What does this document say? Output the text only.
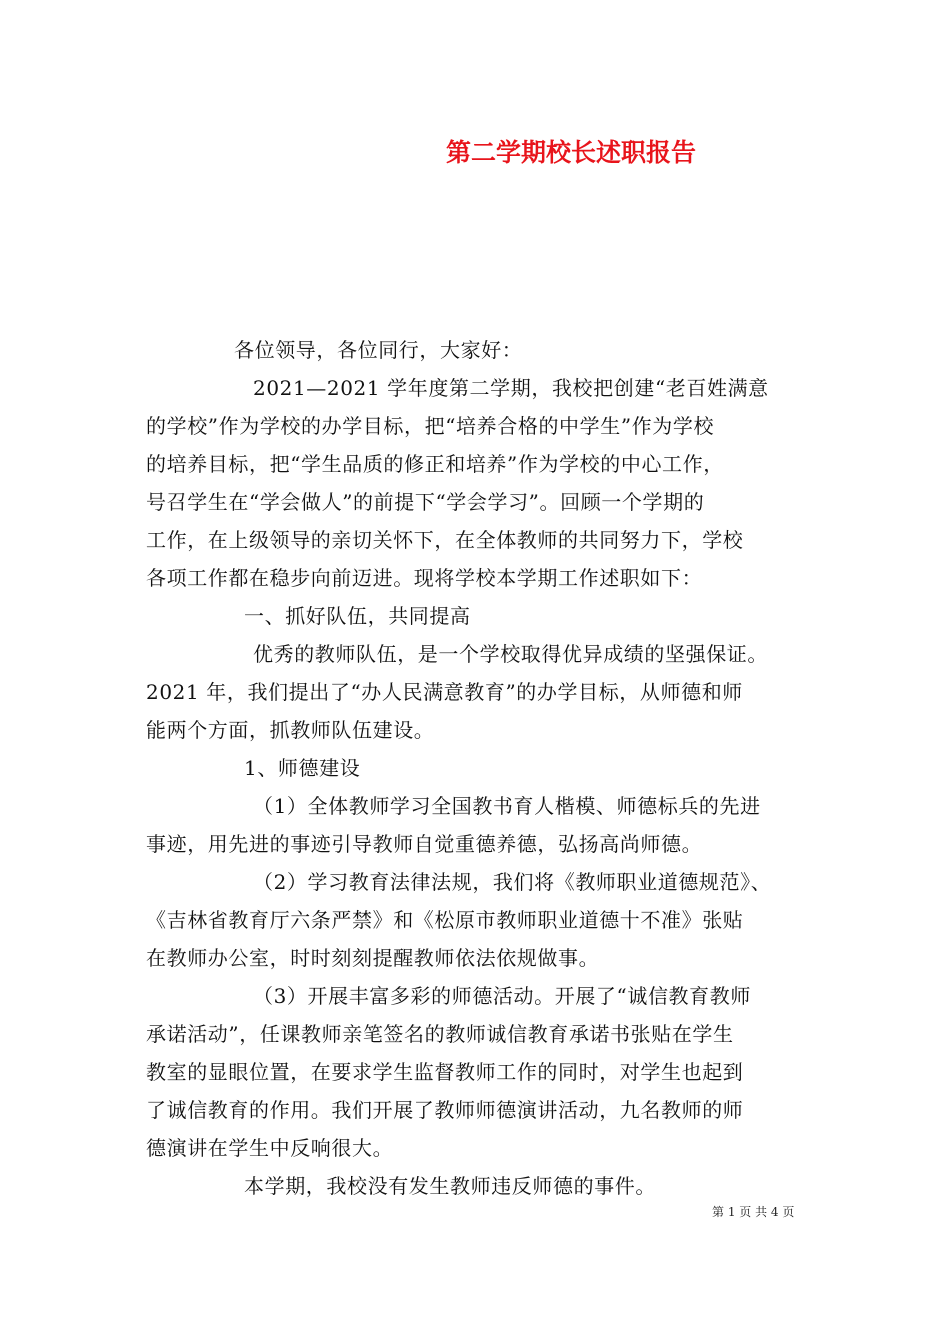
第二学期校长述职报告
各位领导，各位同行，大家好：
2021—2021 学年度第二学期，我校把创建“老百姓满意
的学校”作为学校的办学目标，把“培养合格的中学生”作为学校
的培养目标，把“学生品质的修正和培养”作为学校的中心工作，
号召学生在“学会做人”的前提下“学会学习”。回顾一个学期的
工作，在上级领导的亲切关怀下，在全体教师的共同努力下，学校
各项工作都在稳步向前迈进。现将学校本学期工作述职如下：
一、抓好队伍，共同提高
优秀的教师队伍，是一个学校取得优异成绩的坚强保证。
2021 年，我们提出了“办人民满意教育”的办学目标，从师德和师
能两个方面，抓教师队伍建设。
1、师德建设
（1）全体教师学习全国教书育人楷模、师德标兵的先进
事迹，用先进的事迹引导教师自觉重德养德，弘扬高尚师德。
（2）学习教育法律法规，我们将《教师职业道德规范》、
《吉林省教育厅六条严禁》和《松原市教师职业道德十不准》张贴
在教师办公室，时时刻刻提醒教师依法依规做事。
（3）开展丰富多彩的师德活动。开展了“诚信教育教师
承诺活动”，任课教师亲笔签名的教师诚信教育承诺书张贴在学生
教室的显眼位置，在要求学生监督教师工作的同时，对学生也起到
了诚信教育的作用。我们开展了教师师德演讲活动，九名教师的师
德演讲在学生中反响很大。
本学期，我校没有发生教师违反师德的事件。
第 1 页 共 4 页
